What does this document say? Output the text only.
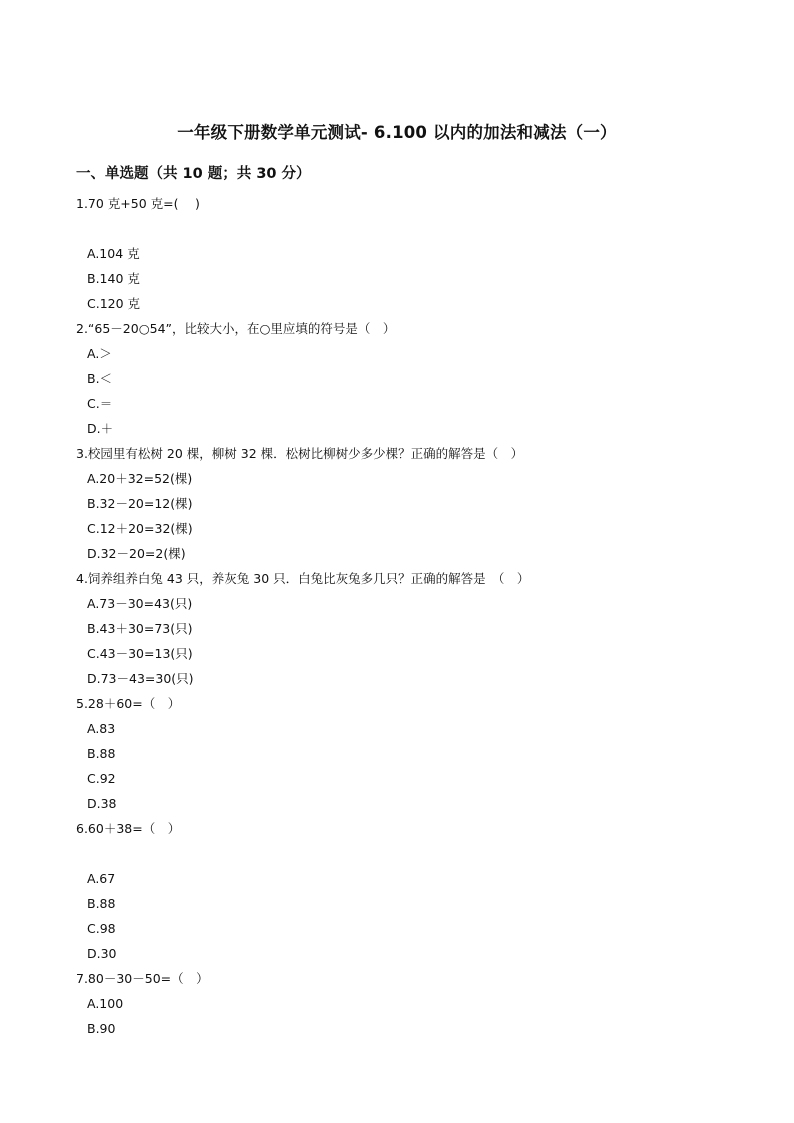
一年级下册数学单元测试- 6.100 以内的加法和减法（一）
一、单选题（共 10 题；共 30 分）
1.70 克+50 克=(　 )
A.104 克
B.140 克
C.120 克
2.“65－20○54”，比较大小，在○里应填的符号是（　）
A.＞
B.＜
C.＝
D.＋
3.校园里有松树 20 棵，柳树 32 棵．松树比柳树少多少棵？正确的解答是（　）
A.20＋32=52(棵)
B.32－20=12(棵)
C.12＋20=32(棵)
D.32－20=2(棵)
4.饲养组养白兔 43 只，养灰兔 30 只．白兔比灰兔多几只？正确的解答是　（　）
A.73－30=43(只)
B.43＋30=73(只)
C.43－30=13(只)
D.73－43=30(只)
5.28＋60=（　）
A.83
B.88
C.92
D.38
6.60＋38=（　）
A.67
B.88
C.98
D.30
7.80－30－50=（　）
A.100
B.90
